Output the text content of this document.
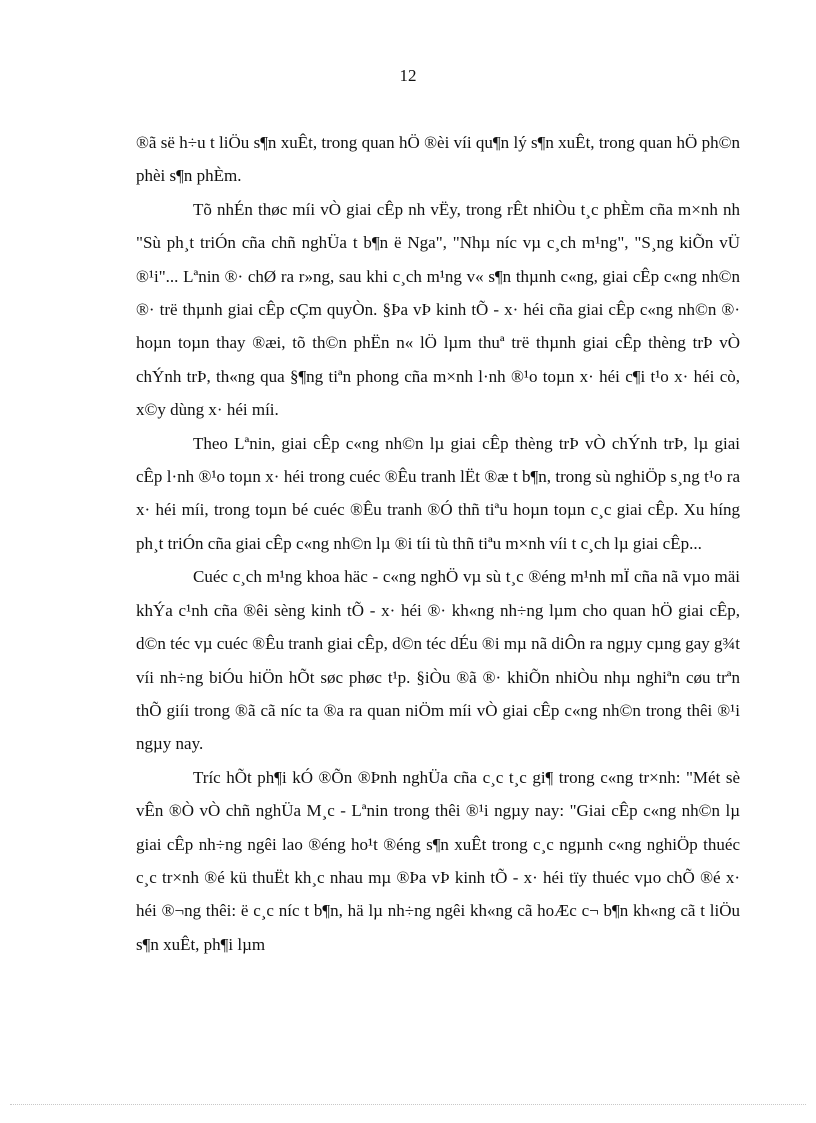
12

®ã së h÷u t liÖu s¶n xuÊt, trong quan hÖ ®èi víi qu¶n lý s¶n xuÊt, trong quan hÖ ph©n phèi s¶n phÈm.

Tõ nhÉn thøc míi vÒ giai cÊp nh vËy, trong rÊt nhiÒu t¸c phÈm cña m×nh nh "Sù ph¸t triÓn cña chñ nghÜa t b¶n ë Nga", "Nhµ níc vµ c¸ch m¹ng", "S¸ng kiÕn vÜ ®¹i"... Lªnin ®· chØ ra r»ng, sau khi c¸ch m¹ng v« s¶n thµnh c«ng, giai cÊp c«ng nh©n ®· trë thµnh giai cÊp cÇm quyÒn. §Þa vÞ kinh tÕ - x· héi cña giai cÊp c«ng nh©n ®· hoµn toµn thay ®æi, tõ th©n phËn n« lÖ lµm thuª trë thµnh giai cÊp thèng trÞ vÒ chÝnh trÞ, th«ng qua §¶ng tiªn phong cña m×nh l·nh ®¹o toµn x· héi c¶i t¹o x· héi cò, x©y dùng x· héi míi.

Theo Lªnin, giai cÊp c«ng nh©n lµ giai cÊp thèng trÞ vÒ chÝnh trÞ, lµ giai cÊp l·nh ®¹o toµn x· héi trong cuéc ®Êu tranh lËt ®æ t b¶n, trong sù nghiÖp s¸ng t¹o ra x· héi míi, trong toµn bé cuéc ®Êu tranh ®Ó thñ tiªu hoµn toµn c¸c giai cÊp. Xu híng ph¸t triÓn cña giai cÊp c«ng nh©n lµ ®i tíi tù thñ tiªu m×nh víi t c¸ch lµ giai cÊp...

Cuéc c¸ch m¹ng khoa häc - c«ng nghÖ vµ sù t¸c ®éng m¹nh mÏ cña nã vµo mäi khÝa c¹nh cña ®êi sèng kinh tÕ - x· héi ®· kh«ng nh÷ng lµm cho quan hÖ giai cÊp, d©n téc vµ cuéc ®Êu tranh giai cÊp, d©n téc dÉu ®i mµ nã diÔn ra ngµy cµng gay g¾t víi nh÷ng biÓu hiÖn hÕt søc phøc t¹p. §iÒu ®ã ®· khiÕn nhiÒu nhµ nghiªn cøu trªn thÕ giíi trong ®ã cã níc ta ®a ra quan niÖm míi vÒ giai cÊp c«ng nh©n trong thêi ®¹i ngµy nay.

Tríc hÕt ph¶i kÓ ®Õn ®Þnh nghÜa cña c¸c t¸c gi¶ trong c«ng tr×nh: "Mét sè vÊn ®Ò vÒ chñ nghÜa M¸c - Lªnin trong thêi ®¹i ngµy nay: "Giai cÊp c«ng nh©n lµ giai cÊp nh÷ng ngêi lao ®éng ho¹t ®éng s¶n xuÊt trong c¸c ngµnh c«ng nghiÖp thuéc c¸c tr×nh ®é kü thuËt kh¸c nhau mµ ®Þa vÞ kinh tÕ - x· héi tïy thuéc vµo chÕ ®é x· héi ®¬ng thêi: ë c¸c níc t b¶n, hä lµ nh÷ng ngêi kh«ng cã hoÆc c¬ b¶n kh«ng cã t liÖu s¶n xuÊt, ph¶i lµm
